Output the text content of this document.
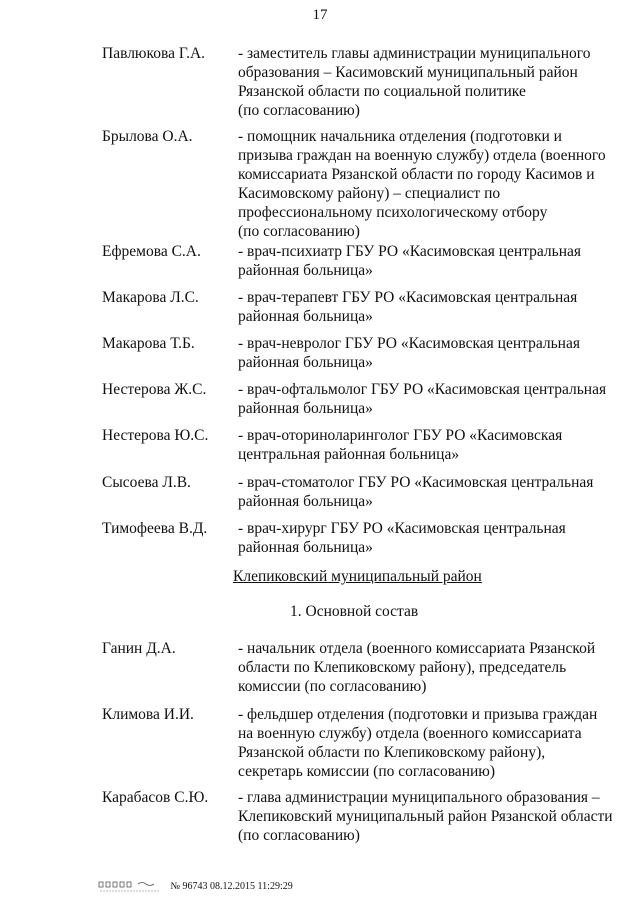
17
Павлюкова Г.А. - заместитель главы администрации муниципального
образования – Касимовский муниципальный район
Рязанской области по социальной политике
(по согласованию)
Брылова О.А.	- помощник начальника отделения (подготовки и
призыва граждан на военную службу) отдела (военного
комиссариата Рязанской области по городу Касимов и
Касимовскому району) – специалист по
профессиональному психологическому отбору
(по согласованию)
Ефремова С.А. - врач-психиатр ГБУ РО «Касимовская центральная
районная больница»
Макарова Л.С.	- врач-терапевт ГБУ РО «Касимовская центральная
районная больница»
Макарова Т.Б.	- врач-невролог ГБУ РО «Касимовская центральная
районная больница»
Нестерова Ж.С. - врач-офтальмолог ГБУ РО «Касимовская центральная
районная больница»
Нестерова Ю.С. - врач-оториноларинголог ГБУ РО «Касимовская
центральная районная больница»
Сысоева Л.В.	- врач-стоматолог ГБУ РО «Касимовская центральная
районная больница»
Тимофеева В.Д. - врач-хирург ГБУ РО «Касимовская центральная
районная больница»
Клепиковский муниципальный район
1. Основной состав
Ганин Д.А.	- начальник отдела (военного комиссариата Рязанской
области по Клепиковскому району), председатель
комиссии (по согласованию)
Климова И.И.	- фельдшер отделения (подготовки и призыва граждан
на военную службу) отдела (военного комиссариата
Рязанской области по Клепиковскому району),
секретарь комиссии (по согласованию)
Карабасов С.Ю. - глава администрации муниципального образования –
Клепиковский муниципальный район Рязанской области
(по согласованию)
№ 96743 08.12.2015 11:29:29
